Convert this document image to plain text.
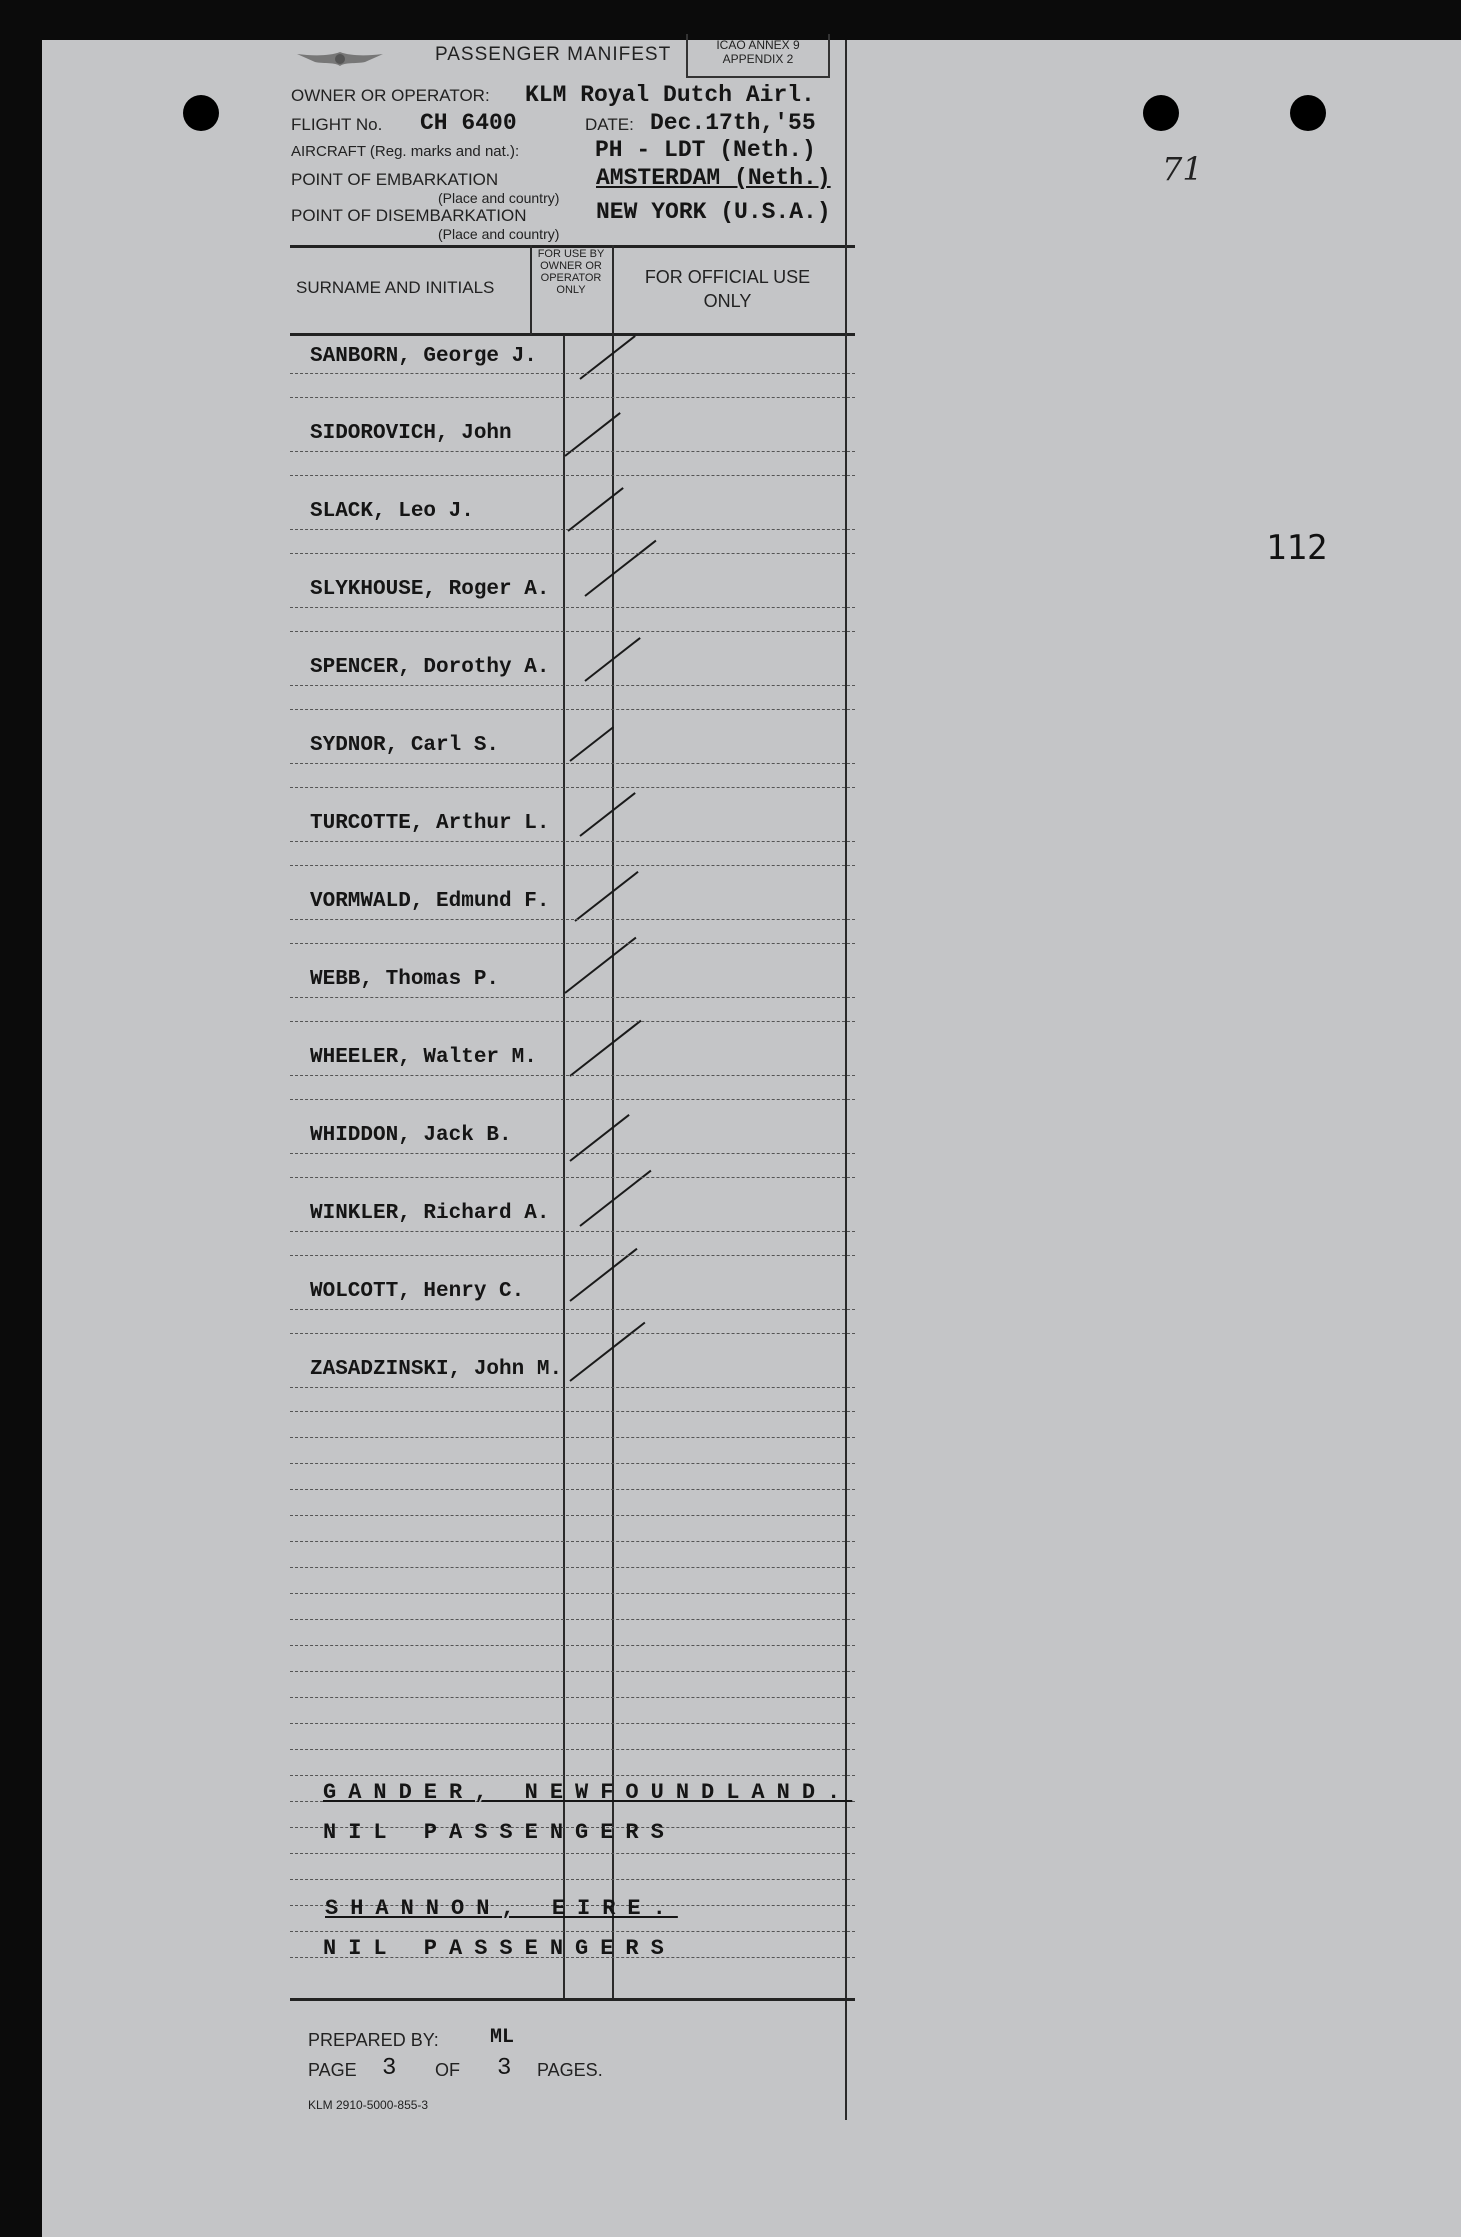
PASSENGER MANIFEST	ICAO ANNEX 9
APPENDIX 2
OWNER OR OPERATOR: KLM Royal Dutch Airl.
FLIGHT No. CH 6400	DATE: Dec.17th,'55
AIRCRAFT (Reg. marks and nat.):	PH - LDT (Neth.)
POINT OF EMBARKATION	AMSTERDAM (Neth.)
(Place and country)
POINT OF DISEMBARKATION	NEW YORK (U.S.A.)
(Place and country)
SURNAME AND INITIALS
FOR USE BY OWNER OR OPERATOR ONLY
FOR OFFICIAL USE ONLY
SANBORN, George J.
SIDOROVICH, John
SLACK, Leo J.
SLYKHOUSE, Roger A.
SPENCER, Dorothy A.
SYDNOR, Carl S.
TURCOTTE, Arthur L.
VORMWALD, Edmund F.
WEBB, Thomas P.
WHEELER, Walter M.
WHIDDON, Jack B.
WINKLER, Richard A.
WOLCOTT, Henry C.
ZASADZINSKI, John M.
GANDER, NEWFOUNDLAND.
NIL PASSENGERS
SHANNON, EIRE.
NIL PASSENGERS
PREPARED BY:	ML
PAGE 3 OF 3 PAGES.
KLM 2910-5000-855-3
71
112
